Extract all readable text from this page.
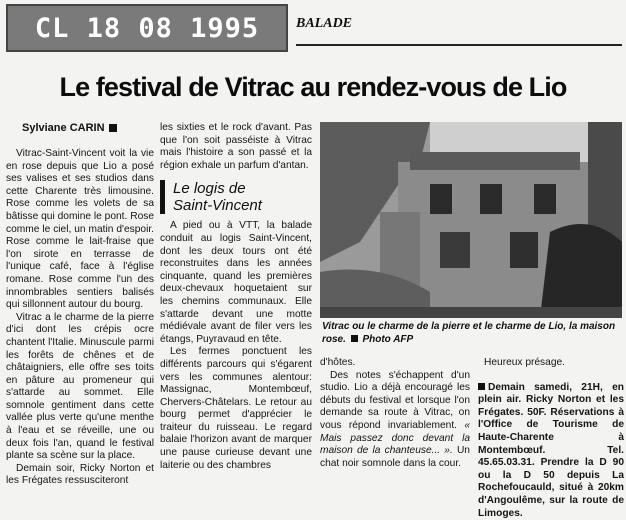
CL 18 08 1995	BALADE
Le festival de Vitrac au rendez-vous de Lio
Sylviane CARIN

Vitrac-Saint-Vincent voit la vie en rose depuis que Lio a posé ses valises et ses studios dans cette Charente très limousine. Rose comme les volets de sa bâtisse qui domine le pont. Rose comme le ciel, un matin d'espoir. Rose comme le lait-fraise que l'on sirote en terrasse de l'unique café, face à l'église romane. Rose comme l'un des innombrables sentiers balisés qui sillonnent autour du bourg.

Vitrac a le charme de la pierre d'ici dont les crépis ocre chantent l'Italie. Minuscule parmi les forêts de chênes et de châtaigniers, elle offre ses toits en pâture au promeneur qui s'attarde au sommet. Elle somnole gentiment dans cette vallée plus verte qu'une menthe à l'eau et se réveille, une ou deux fois l'an, quand le festival plante sa scène sur la place.

Demain soir, Ricky Norton et les Frégates ressusciteront

les sixties et le rock d'avant. Pas que l'on soit passéiste à Vitrac mais l'histoire a son passé et la région exhale un parfum d'antan.

Le logis de
Saint-Vincent

A pied ou à VTT, la balade conduit au logis Saint-Vincent, dont les deux tours ont été reconstruites dans les années cinquante, quand les premières deux-chevaux hoquetaient sur les chemins communaux. Elle s'attarde devant une motte médiévale avant de filer vers les étangs, Puyravaud en tête.

Les fermes ponctuent les différents parcours qui s'égarent vers les communes alentour: Massignac, Montembœuf, Chervers-Châtelars. Le retour au bourg permet d'apprécier le traiteur du ruisseau. Le regard balaie l'horizon avant de marquer une pause curieuse devant une laiterie ou des chambres

Vitrac ou le charme de la pierre et le charme de Lio, la maison rose. Photo AFP

d'hôtes.

Des notes s'échappent d'un studio. Lio a déjà encouragé les débuts du festival et lorsque l'on demande sa route à Vitrac, on vous répond invariablement. « Mais passez donc devant la maison de la chanteuse... ». Un chat noir somnole dans la cour.

Heureux présage.

Demain samedi, 21H, en plein air. Ricky Norton et les Frégates. 50F. Réservations à l'Office de Tourisme de Haute-Charente à Montembœuf. Tel. 45.65.03.31. Prendre la D 90 ou la D 50 depuis La Rochefoucauld, situé à 20km d'Angoulême, sur la route de Limoges.
